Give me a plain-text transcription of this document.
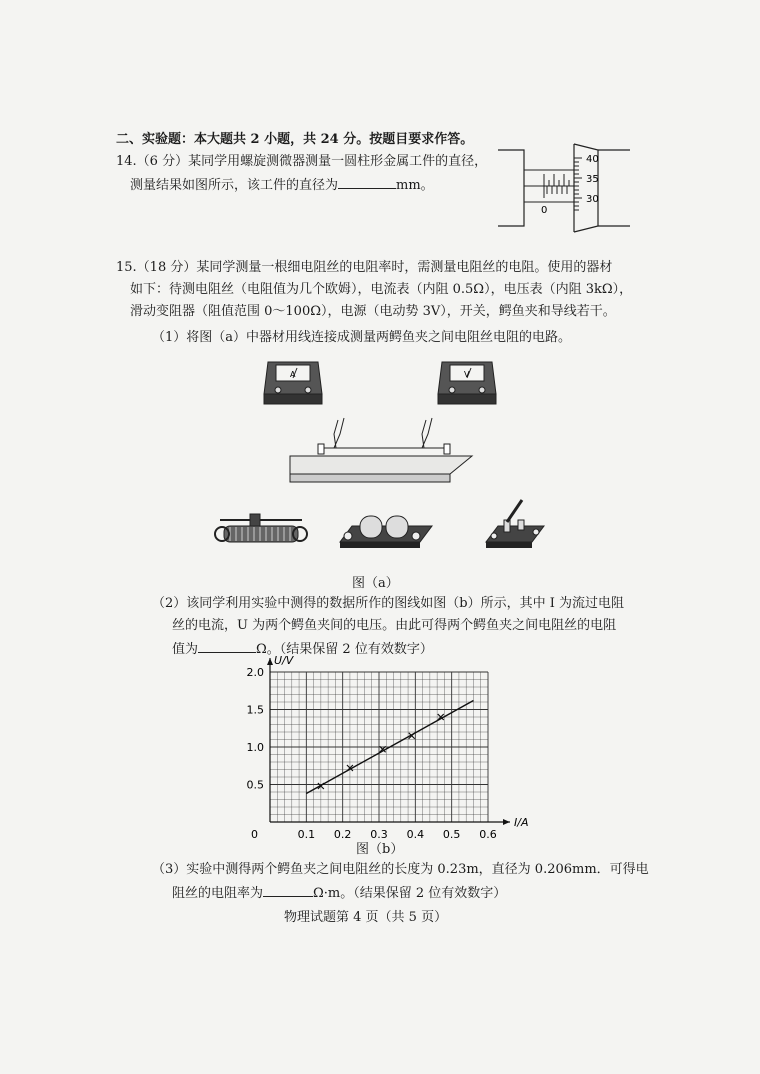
二、实验题：本大题共 2 小题，共 24 分。按题目要求作答。
14.（6 分）某同学用螺旋测微器测量一圆柱形金属工件的直径，
测量结果如图所示，该工件的直径为	mm。
40
35
30
0
15.（18 分）某同学测量一根细电阻丝的电阻率时，需测量电阻丝的电阻。使用的器材
如下：待测电阻丝（电阻值为几个欧姆），电流表（内阻 0.5Ω），电压表（内阻 3kΩ），
滑动变阻器（阻值范围 0～100Ω），电源（电动势 3V），开关，鳄鱼夹和导线若干。
（1）将图（a）中器材用线连接成测量两鳄鱼夹之间电阻丝电阻的电路。
A	V
图（a）
（2）该同学利用实验中测得的数据所作的图线如图（b）所示，其中 I 为流过电阻
丝的电流，U 为两个鳄鱼夹间的电压。由此可得两个鳄鱼夹之间电阻丝的电阻
值为	Ω。（结果保留 2 位有效数字）
0.1 0.2 0.3 0.4 0.5 0.6
0.5
1.0
1.5
2.0
0
I/A
U/V
图（b）
（3）实验中测得两个鳄鱼夹之间电阻丝的长度为 0.23m，直径为 0.206mm．可得电
阻丝的电阻率为	Ω·m。（结果保留 2 位有效数字）
物理试题第 4 页（共 5 页）
